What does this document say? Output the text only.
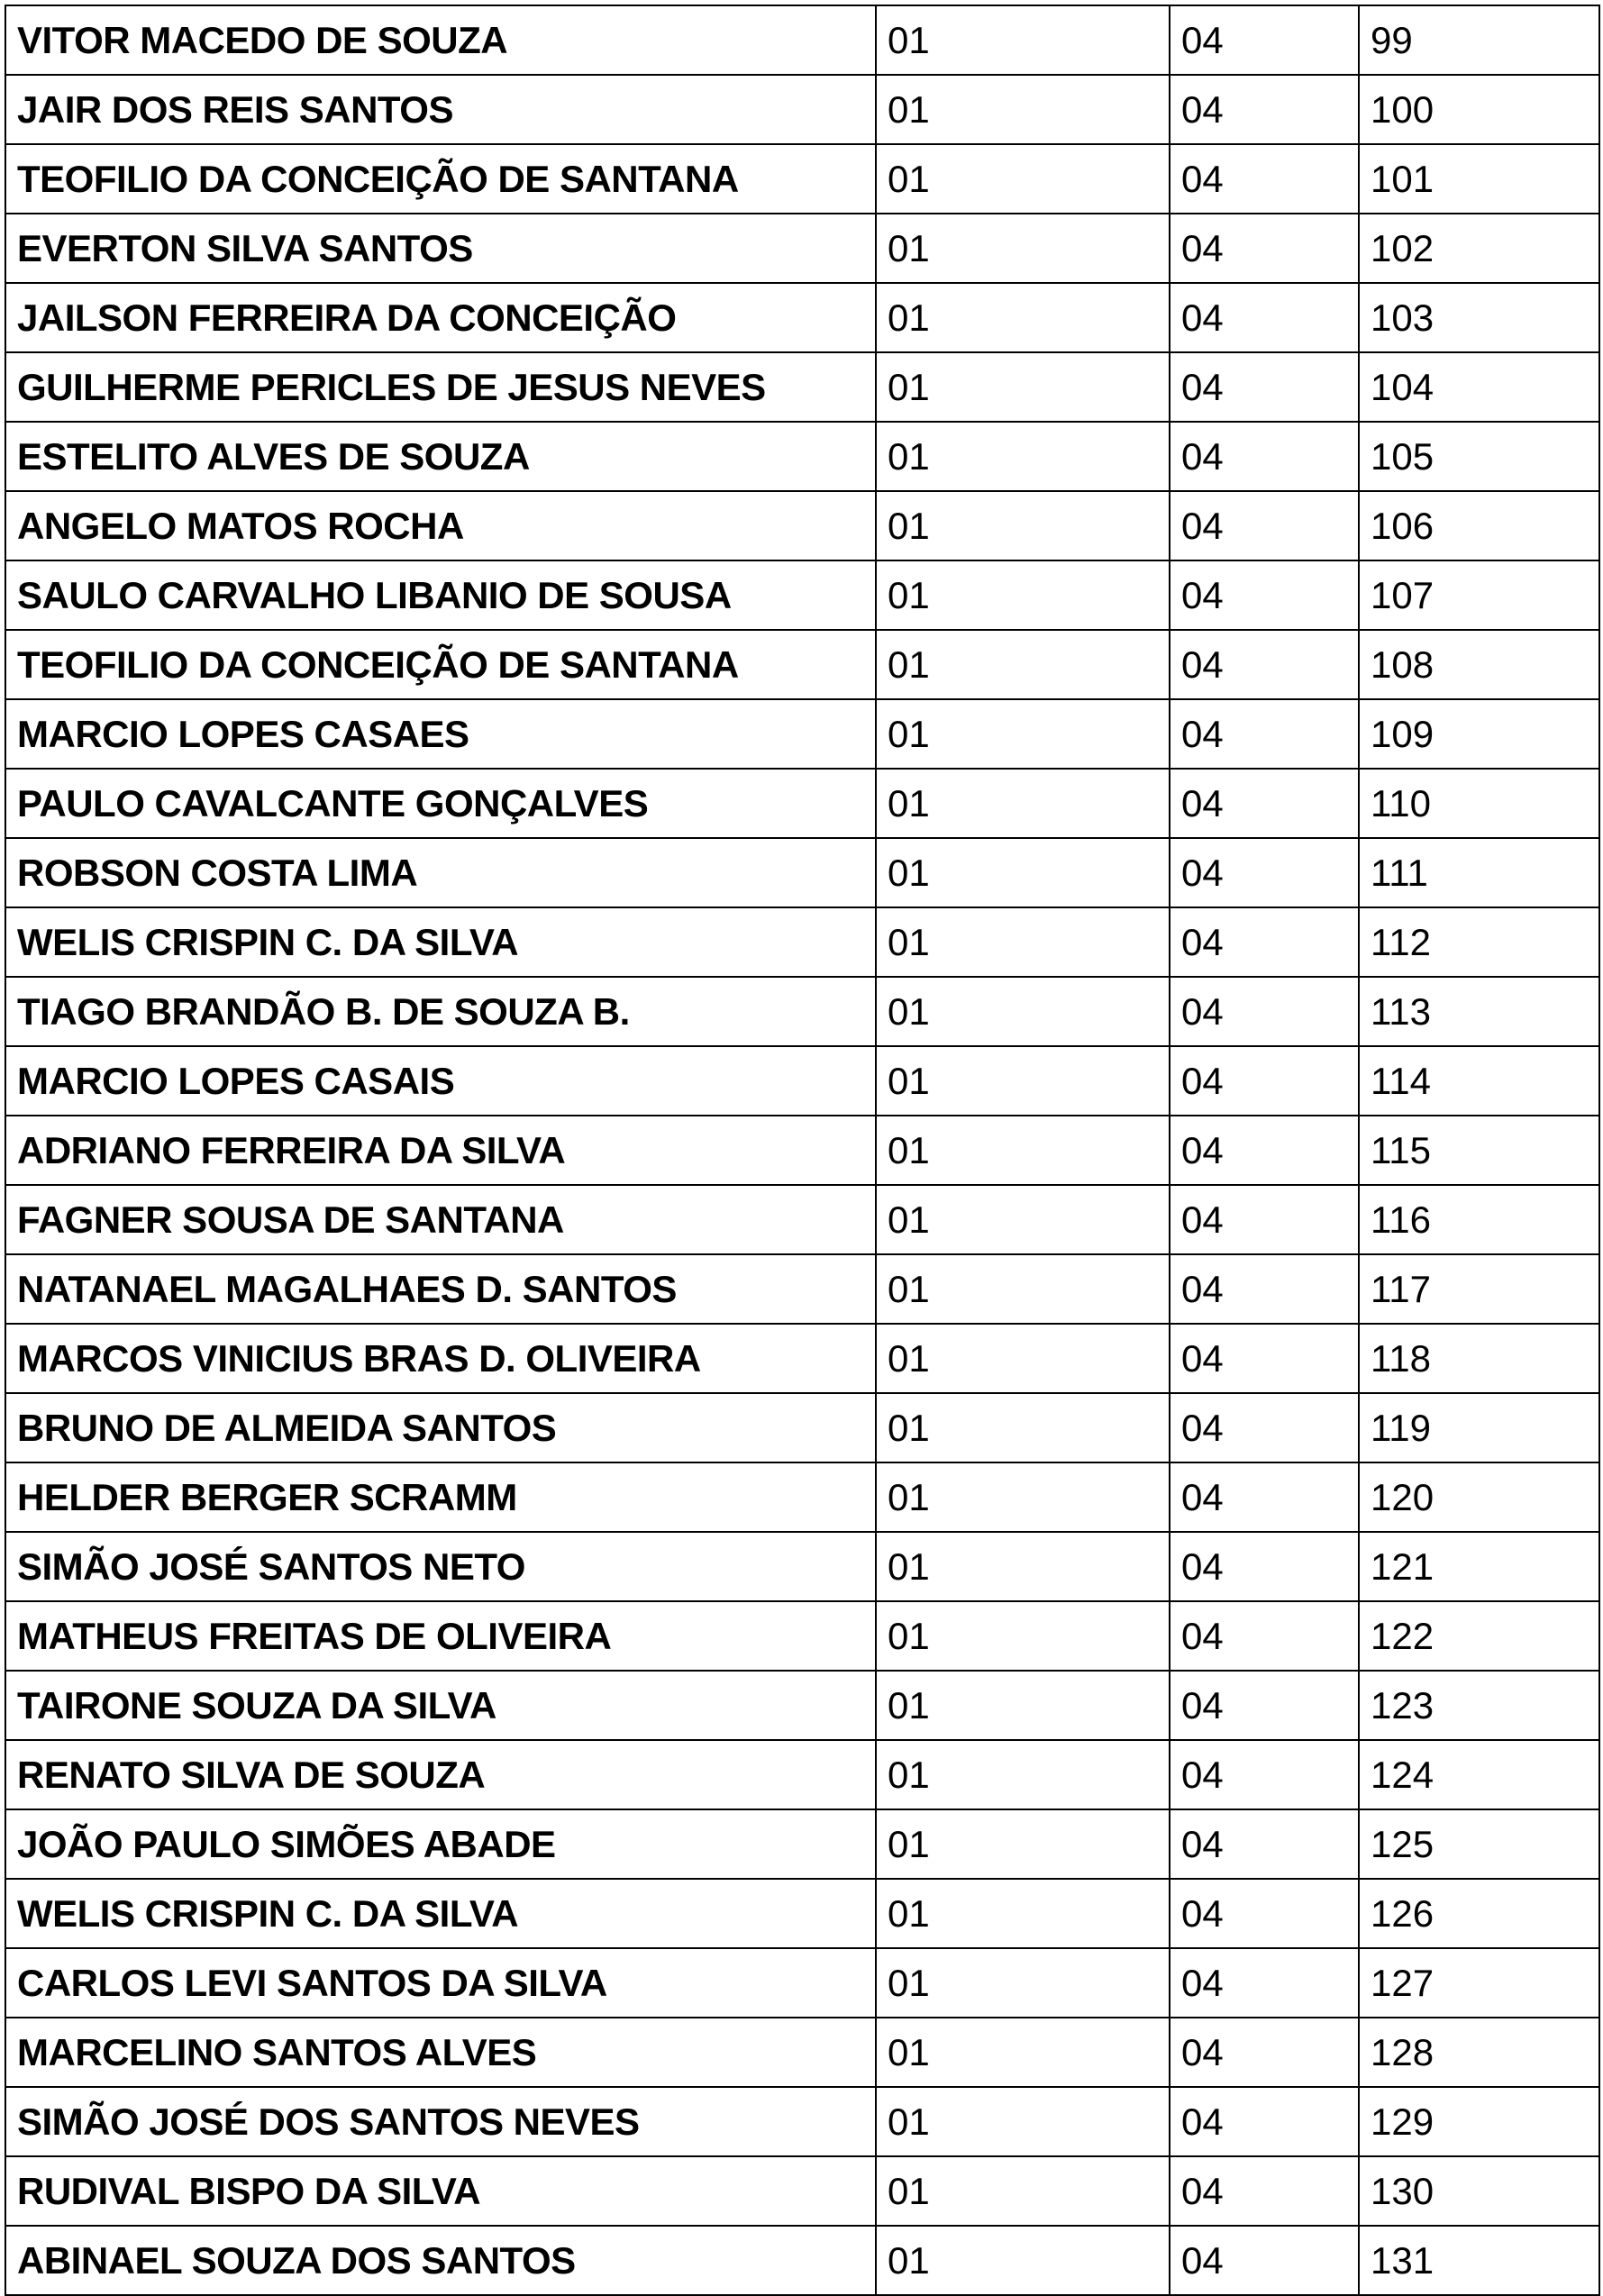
VITOR MACEDO DE SOUZA	01	04	99
JAIR DOS REIS SANTOS	01	04	100
TEOFILIO DA CONCEIÇÃO DE SANTANA	01	04	101
EVERTON SILVA SANTOS	01	04	102
JAILSON FERREIRA DA CONCEIÇÃO	01	04	103
GUILHERME PERICLES DE JESUS NEVES	01	04	104
ESTELITO ALVES DE SOUZA	01	04	105
ANGELO MATOS ROCHA	01	04	106
SAULO CARVALHO LIBANIO DE SOUSA	01	04	107
TEOFILIO DA CONCEIÇÃO DE SANTANA	01	04	108
MARCIO LOPES CASAES	01	04	109
PAULO CAVALCANTE GONÇALVES	01	04	110
ROBSON COSTA LIMA	01	04	111
WELIS CRISPIN C. DA SILVA	01	04	112
TIAGO BRANDÃO B. DE SOUZA B.	01	04	113
MARCIO LOPES CASAIS	01	04	114
ADRIANO FERREIRA DA SILVA	01	04	115
FAGNER SOUSA DE SANTANA	01	04	116
NATANAEL MAGALHAES D. SANTOS	01	04	117
MARCOS VINICIUS BRAS D. OLIVEIRA	01	04	118
BRUNO DE ALMEIDA SANTOS	01	04	119
HELDER BERGER SCRAMM	01	04	120
SIMÃO JOSÉ SANTOS NETO	01	04	121
MATHEUS FREITAS DE OLIVEIRA	01	04	122
TAIRONE SOUZA DA SILVA	01	04	123
RENATO SILVA DE SOUZA	01	04	124
JOÃO PAULO SIMÕES ABADE	01	04	125
WELIS CRISPIN C. DA SILVA	01	04	126
CARLOS LEVI SANTOS DA SILVA	01	04	127
MARCELINO SANTOS ALVES	01	04	128
SIMÃO JOSÉ DOS SANTOS NEVES	01	04	129
RUDIVAL BISPO DA SILVA	01	04	130
ABINAEL SOUZA DOS SANTOS	01	04	131
